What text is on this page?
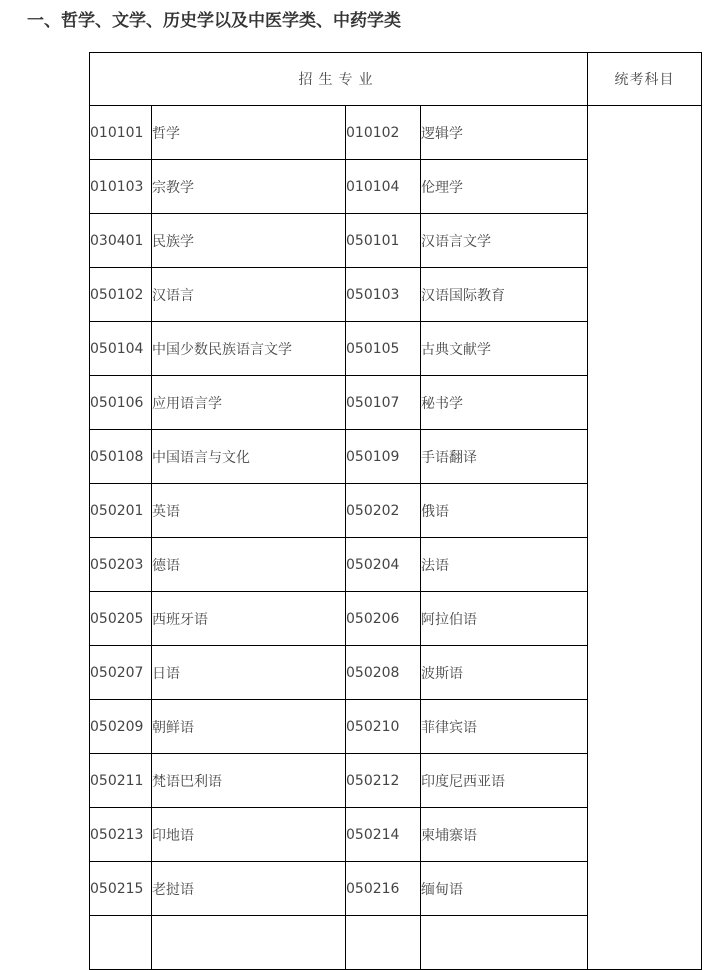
一、哲学、文学、历史学以及中医学类、中药学类
招生专业				统考科目
010101	哲学	010102	逻辑学	
010103	宗教学	010104	伦理学	
030401	民族学	050101	汉语言文学	
050102	汉语言	050103	汉语国际教育	
050104	中国少数民族语言文学	050105	古典文献学	
050106	应用语言学	050107	秘书学	
050108	中国语言与文化	050109	手语翻译	
050201	英语	050202	俄语	
050203	德语	050204	法语	
050205	西班牙语	050206	阿拉伯语	
050207	日语	050208	波斯语	
050209	朝鲜语	050210	菲律宾语	
050211	梵语巴利语	050212	印度尼西亚语	
050213	印地语	050214	柬埔寨语	
050215	老挝语	050216	缅甸语	
